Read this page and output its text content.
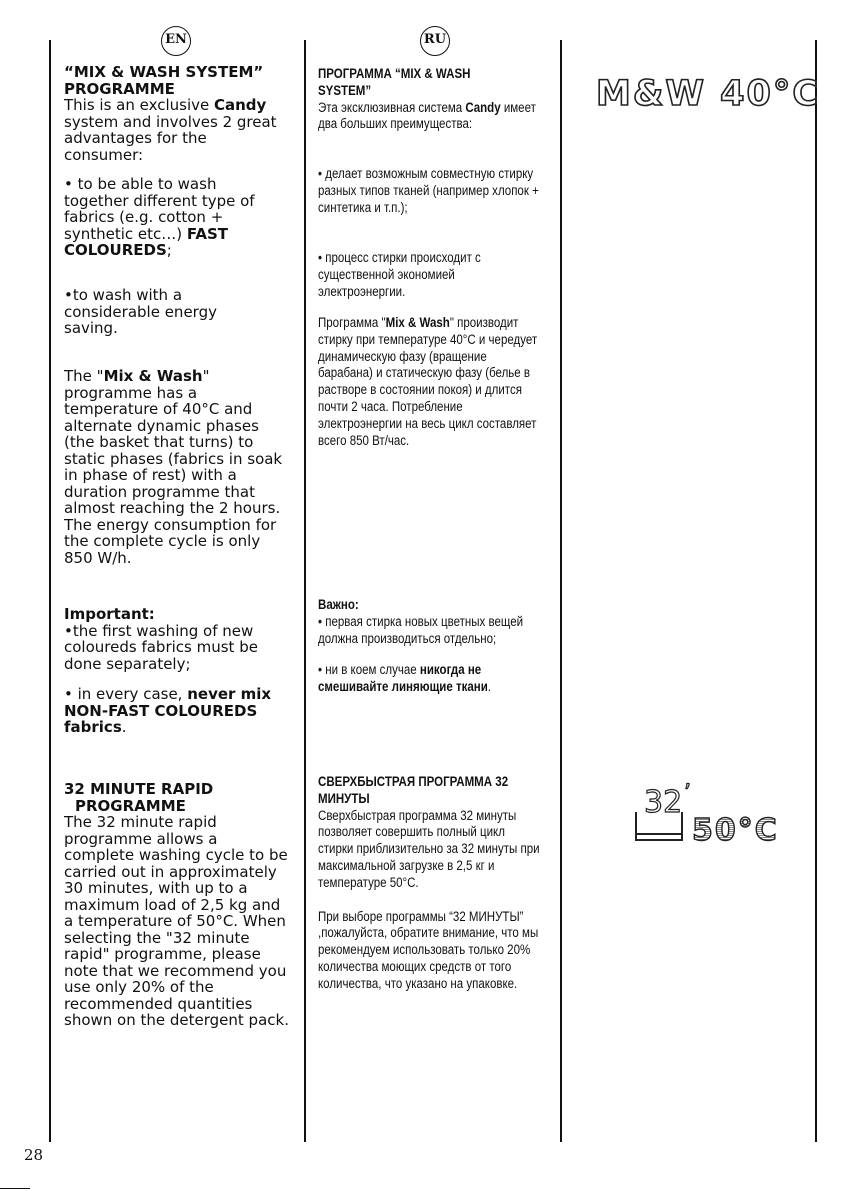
EN	RU

“MIX & WASH SYSTEM”
PROGRAMME

This is an exclusive Candy system and involves 2 great advantages for the consumer:

• to be able to wash together different type of fabrics (e.g. cotton + synthetic etc…) FAST COLOUREDS;

•to wash with a considerable energy saving.

The "Mix & Wash" programme has a temperature of 40°C and alternate dynamic phases (the basket that turns) to static phases (fabrics in soak in phase of rest) with a duration programme that almost reaching the 2 hours. The energy consumption for the complete cycle is only 850 W/h.

Important:

•the first washing of new coloureds fabrics must be done separately;

• in every case, never mix NON-FAST COLOUREDS fabrics.

32 MINUTE RAPID
PROGRAMME

The 32 minute rapid programme allows a complete washing cycle to be carried out in approximately 30 minutes, with up to a maximum load of 2,5 kg and a temperature of 50°C. When selecting the "32 minute rapid" programme, please note that we recommend you use only 20% of the recommended quantities shown on the detergent pack.

ПРОГРАММА “MIX & WASH
SYSTEM”

Эта эксклюзивная система Candy имеет два больших преимущества:

• делает возможным совместную стирку разных типов тканей (например хлопок + синтетика и т.п.);

• процесс стирки происходит с существенной экономией электроэнергии.

Программа "Mix & Wash" производит стирку при температуре 40°С и чередует динамическую фазу (вращение барабана) и статическую фазу (белье в растворе в состоянии покоя) и длится почти 2 часа. Потребление электроэнергии на весь цикл составляет всего 850 Вт/час.

Важно:

• первая стирка новых цветных вещей должна производиться отдельно;

• ни в коем случае никогда не смешивайте линяющие ткани.

СВЕРХБЫСТРАЯ ПРОГРАММА 32 МИНУТЫ

Сверхбыстрая программа 32 минуты позволяет совершить полный цикл стирки приблизительно за 32 минуты при максимальной загрузке в 2,5 кг и температуре 50°С.

При выборе программы “32 МИНУТЫ” ,пожалуйста, обратите внимание, что мы рекомендуем использовать только 20% количества моющих средств от того количества, что указано на упаковке.

M&W 40°C
32 ’
50°C
28
